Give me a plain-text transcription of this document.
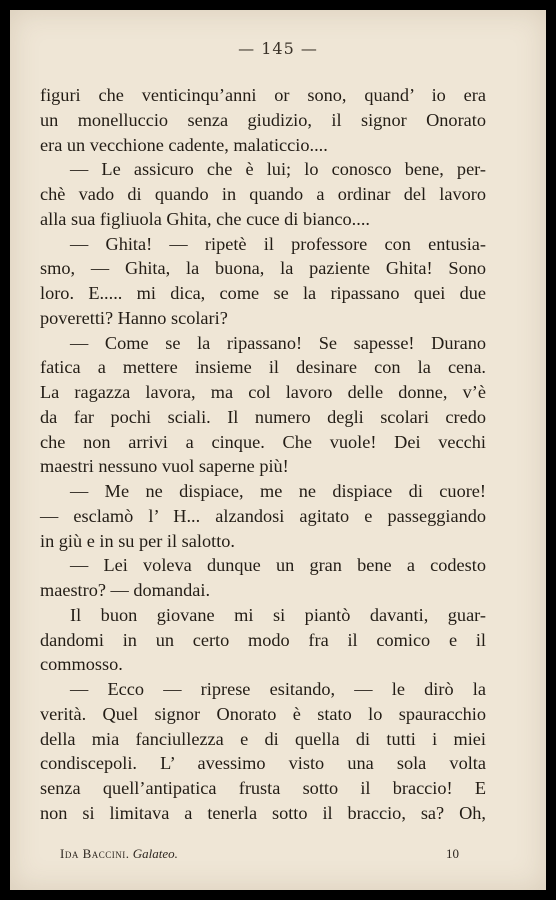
— 145 —
figuri che venticinqu’anni or sono, quand’ io era
un monelluccio senza giudizio, il signor Onorato
era un vecchione cadente, malaticcio....
— Le assicuro che è lui; lo conosco bene, per-
chè vado di quando in quando a ordinar del lavoro
alla sua figliuola Ghita, che cuce di bianco....
— Ghita! — ripetè il professore con entusia-
smo, — Ghita, la buona, la paziente Ghita! Sono
loro. E..... mi dica, come se la ripassano quei due
poveretti? Hanno scolari?
— Come se la ripassano! Se sapesse! Durano
fatica a mettere insieme il desinare con la cena.
La ragazza lavora, ma col lavoro delle donne, v’è
da far pochi sciali. Il numero degli scolari credo
che non arrivi a cinque. Che vuole! Dei vecchi
maestri nessuno vuol saperne più!
— Me ne dispiace, me ne dispiace di cuore!
— esclamò l’ H... alzandosi agitato e passeggiando
in giù e in su per il salotto.
— Lei voleva dunque un gran bene a codesto
maestro? — domandai.
Il buon giovane mi si piantò davanti, guar-
dandomi in un certo modo fra il comico e il
commosso.
— Ecco — riprese esitando, — le dirò la
verità. Quel signor Onorato è stato lo spauracchio
della mia fanciullezza e di quella di tutti i miei
condiscepoli. L’ avessimo visto una sola volta
senza quell’antipatica frusta sotto il braccio! E
non si limitava a tenerla sotto il braccio, sa? Oh,
Ida Baccini. Galateo.	10
